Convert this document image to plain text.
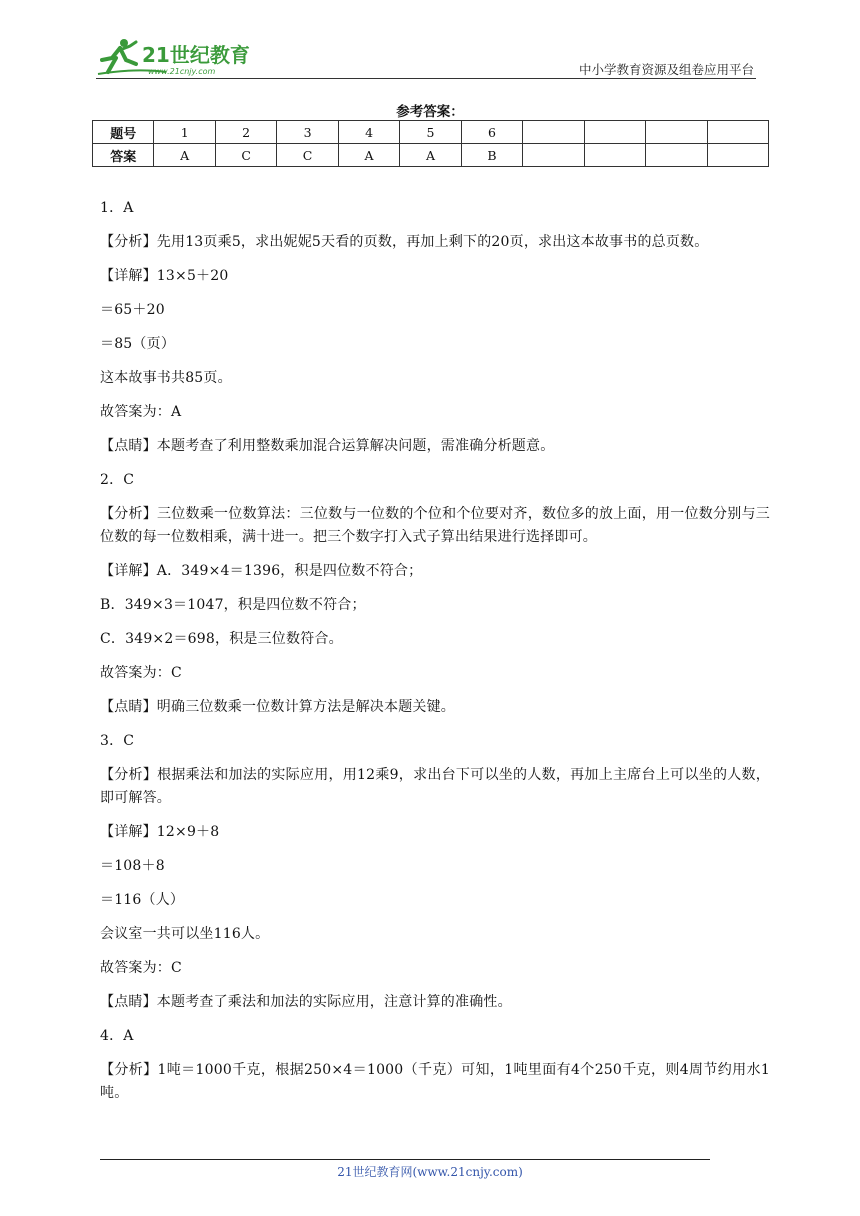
21世纪教育
www.21cnjy.com	中小学教育资源及组卷应用平台
参考答案：
题号	1	2	3	4	5	6				
答案	A	C	C	A	A	B				
1．A
【分析】先用13页乘5，求出妮妮5天看的页数，再加上剩下的20页，求出这本故事书的总页数。
【详解】13×5＋20
＝65＋20
＝85（页）
这本故事书共85页。
故答案为：A
【点睛】本题考查了利用整数乘加混合运算解决问题，需准确分析题意。
2．C
【分析】三位数乘一位数算法：三位数与一位数的个位和个位要对齐，数位多的放上面，用一位数分别与三位数的每一位数相乘，满十进一。把三个数字打入式子算出结果进行选择即可。
【详解】A．349×4＝1396，积是四位数不符合；
B．349×3＝1047，积是四位数不符合；
C．349×2＝698，积是三位数符合。
故答案为：C
【点睛】明确三位数乘一位数计算方法是解决本题关键。
3．C
【分析】根据乘法和加法的实际应用，用12乘9，求出台下可以坐的人数，再加上主席台上可以坐的人数，即可解答。
【详解】12×9＋8
＝108＋8
＝116（人）
会议室一共可以坐116人。
故答案为：C
【点睛】本题考查了乘法和加法的实际应用，注意计算的准确性。
4．A
【分析】1吨＝1000千克，根据250×4＝1000（千克）可知，1吨里面有4个250千克，则4周节约用水1吨。
21世纪教育网(www.21cnjy.com)
